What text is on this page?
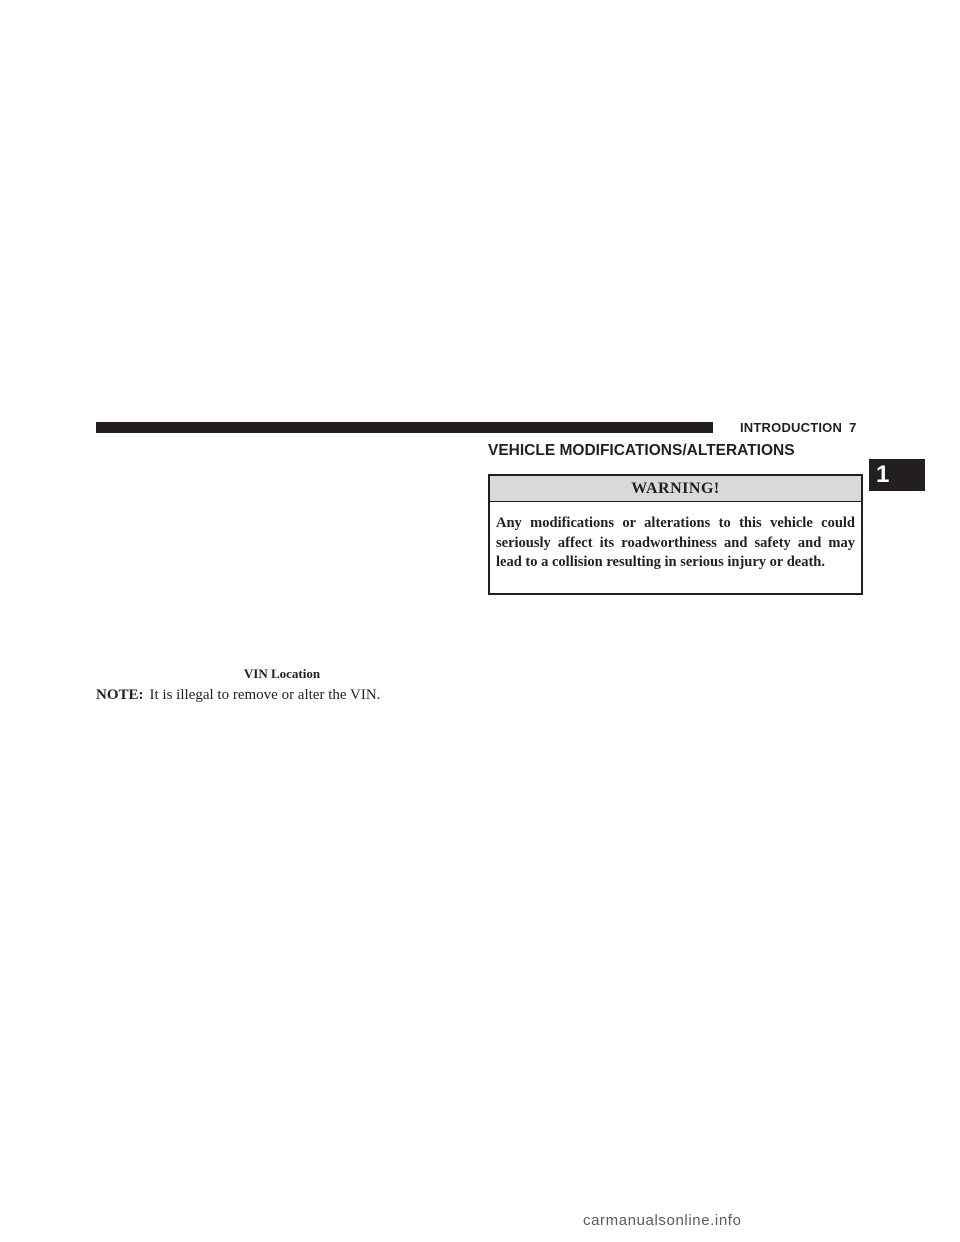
INTRODUCTION 7
1
VEHICLE MODIFICATIONS/ALTERATIONS
WARNING!
Any modifications or alterations to this vehicle could seriously affect its roadworthiness and safety and may lead to a collision resulting in serious injury or death.
VIN Location
NOTE: It is illegal to remove or alter the VIN.
carmanualsonline.info
